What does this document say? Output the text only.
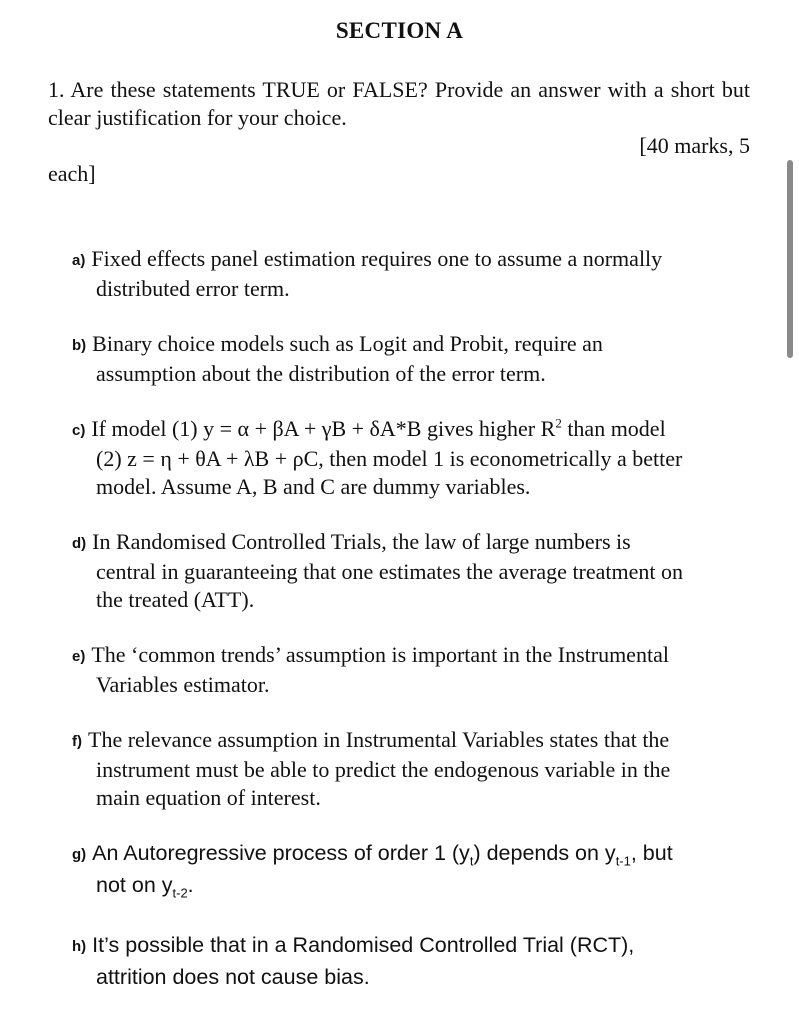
SECTION A
1. Are these statements TRUE or FALSE? Provide an answer with a short but clear justification for your choice.
[40 marks, 5
each]
a) Fixed effects panel estimation requires one to assume a normally
distributed error term.
b) Binary choice models such as Logit and Probit, require an
assumption about the distribution of the error term.
c) If model (1) y = α + βA + γB + δA*B gives higher $R^2$ than model
(2) z = η + θA + λB + ρC, then model 1 is econometrically a better
model. Assume A, B and C are dummy variables.
d) In Randomised Controlled Trials, the law of large numbers is
central in guaranteeing that one estimates the average treatment on
the treated (ATT).
e) The ‘common trends’ assumption is important in the Instrumental
Variables estimator.
f) The relevance assumption in Instrumental Variables states that the
instrument must be able to predict the endogenous variable in the
main equation of interest.
g) An Autoregressive process of order 1 $(y_t)$ depends on $y_{t-1}$, but
not on $y_{t-2}$.
h) It’s possible that in a Randomised Controlled Trial (RCT),
attrition does not cause bias.
